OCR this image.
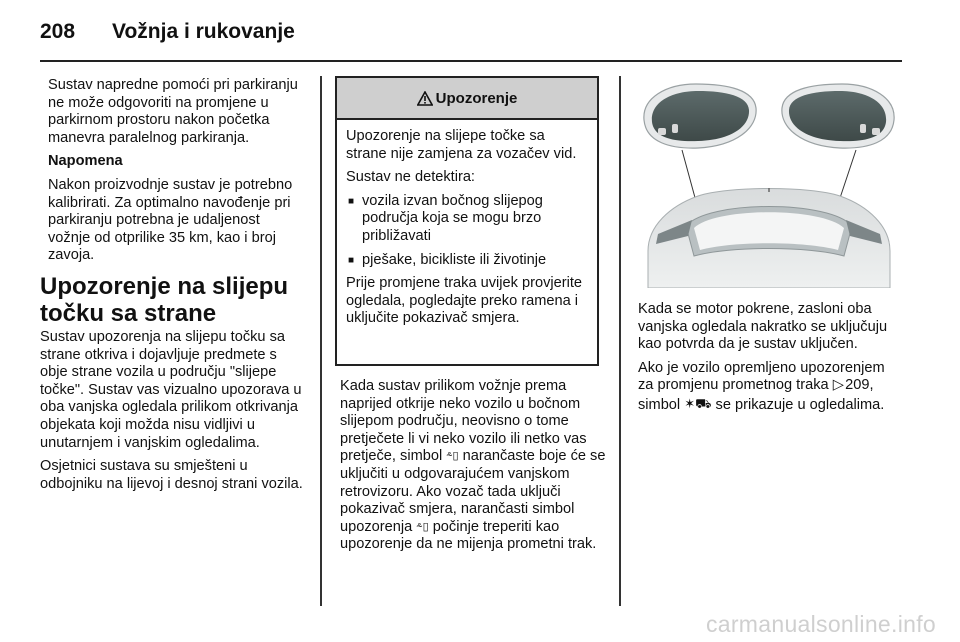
208 Vožnja i rukovanje

Sustav napredne pomoći pri parkiranju ne može odgovoriti na promjene u parkirnom prostoru nakon početka manevra paralelnog parkiranja.

Napomena

Nakon proizvodnje sustav je potrebno kalibrirati. Za optimalno navođenje pri parkiranju potrebna je udaljenost vožnje od otprilike 35 km, kao i broj zavoja.

Upozorenje na slijepu točku sa strane

Sustav upozorenja na slijepu točku sa strane otkriva i dojavljuje predmete s obje strane vozila u području "slijepe točke". Sustav vas vizualno upozorava u oba vanjska ogledala prilikom otkrivanja objekata koji možda nisu vidljivi u unutarnjem i vanjskim ogledalima.

Osjetnici sustava su smješteni u odbojniku na lijevoj i desnoj strani vozila.

Upozorenje

Upozorenje na slijepe točke sa strane nije zamjena za vozačev vid.

Sustav ne detektira:

■ vozila izvan bočnog slijepog područja koja se mogu brzo približavati
■ pješake, bicikliste ili životinje

Prije promjene traka uvijek provjerite ogledala, pogledajte preko ramena i uključite pokazivač smjera.

Kada sustav prilikom vožnje prema naprijed otkrije neko vozilo u bočnom slijepom području, neovisno o tome pretječete li vi neko vozilo ili netko vas pretječe, simbol ⸛▯ narančaste boje će se uključiti u odgovarajućem vanjskom retrovizoru. Ako vozač tada uključi pokazivač smjera, narančasti simbol upozorenja ⸛▯ počinje treperiti kao upozorenje da ne mijenja prometni trak.

Kada se motor pokrene, zasloni oba vanjska ogledala nakratko se uključuju kao potvrda da je sustav uključen.

Ako je vozilo opremljeno upozorenjem za promjenu prometnog traka ▷ 209, simbol ✶⛟ se prikazuje u ogledalima.

carmanualsonline.info
